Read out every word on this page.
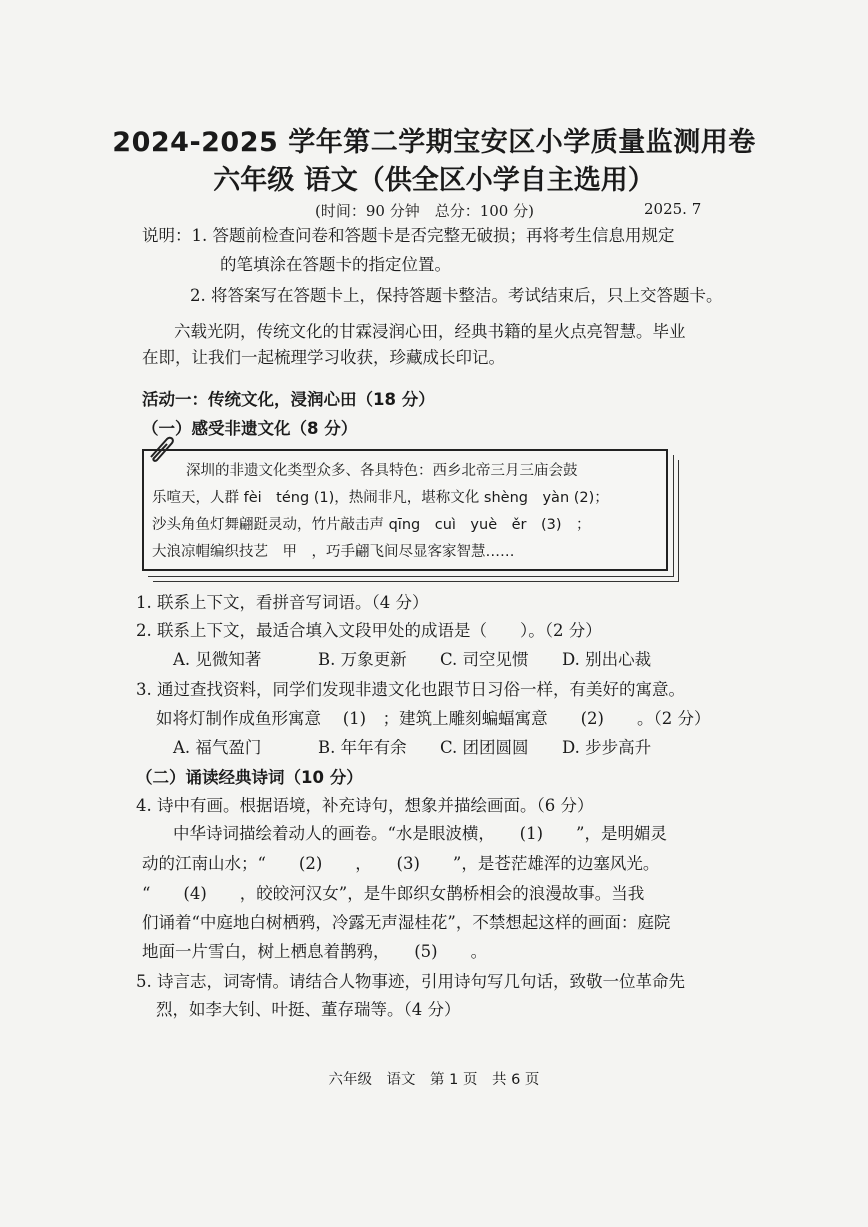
2024-2025 学年第二学期宝安区小学质量监测用卷
六年级 语文（供全区小学自主选用）
(时间：90 分钟　总分：100 分)	2025. 7
说明：1. 答题前检查问卷和答题卡是否完整无破损；再将考生信息用规定
的笔填涂在答题卡的指定位置。
2. 将答案写在答题卡上，保持答题卡整洁。考试结束后，只上交答题卡。
六载光阴，传统文化的甘霖浸润心田，经典书籍的星火点亮智慧。毕业
在即，让我们一起梳理学习收获，珍藏成长印记。
活动一：传统文化，浸润心田（18 分）
（一）感受非遗文化（8 分）
深圳的非遗文化类型众多、各具特色：西乡北帝三月三庙会鼓
乐喧天，人群 fèi　téng (1)，热闹非凡，堪称文化 shèng　yàn (2)；
沙头角鱼灯舞翩跹灵动，竹片敲击声 qīng　cuì　yuè　ěr　(3)　；
大浪凉帽编织技艺　甲　，巧手翩飞间尽显客家智慧……
1. 联系上下文，看拼音写词语。（4 分）
2. 联系上下文，最适合填入文段甲处的成语是（　　）。（2 分）
A. 见微知著	B. 万象更新 C. 司空见惯 D. 别出心裁
3. 通过查找资料，同学们发现非遗文化也跟节日习俗一样，有美好的寓意。
如将灯制作成鱼形寓意 　(1)　；建筑上雕刻蝙蝠寓意　　(2)　　。（2 分）
A. 福气盈门	B. 年年有余 C. 团团圆圆 D. 步步高升
（二）诵读经典诗词（10 分）
4. 诗中有画。根据语境，补充诗句，想象并描绘画面。（6 分）
中华诗词描绘着动人的画卷。“水是眼波横，　　(1)　　”，是明媚灵
动的江南山水；“　　(2)　　，　　(3)　　”，是苍茫雄浑的边塞风光。
“　　(4)　　，皎皎河汉女”，是牛郎织女鹊桥相会的浪漫故事。当我
们诵着“中庭地白树栖鸦，冷露无声湿桂花”，不禁想起这样的画面：庭院
地面一片雪白，树上栖息着鹊鸦，　　(5)　　。
5. 诗言志，词寄情。请结合人物事迹，引用诗句写几句话，致敬一位革命先
烈，如李大钊、叶挺、董存瑞等。（4 分）
六年级　语文　第 1 页　共 6 页
